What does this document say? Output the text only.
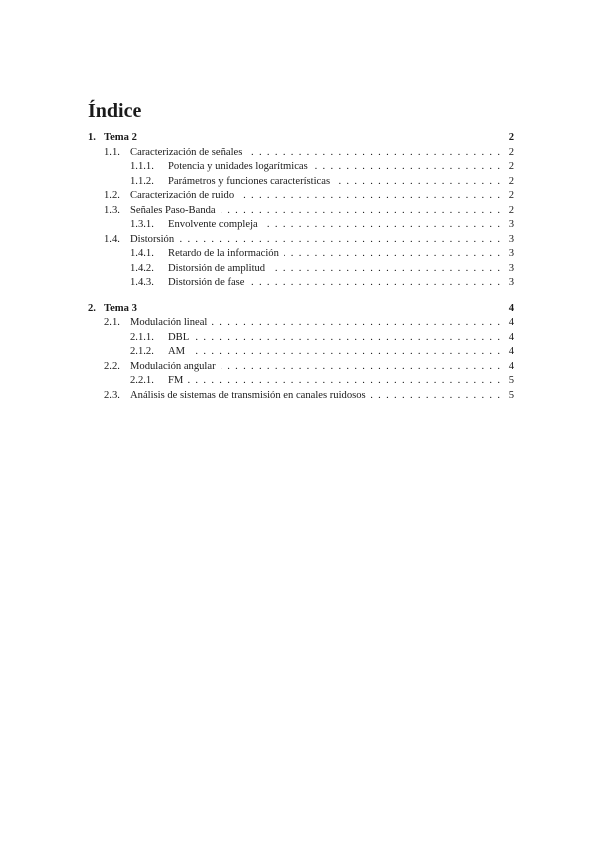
Índice
1. Tema 2	2
1.1. .  . Caracterización de señales	2
1.1.1. .  . Potencia y unidades logarítmicas	2
1.1.2. .  . Parámetros y funciones características	2
1.2. .  . Caracterización de ruido	2
1.3. .  . Señales Paso-Banda	2
1.3.1. .  . Envolvente compleja	3
1.4. .  . Distorsión	3
1.4.1. .  . Retardo de la información	3
1.4.2. .  . Distorsión de amplitud	3
1.4.3. .  . Distorsión de fase	3
2. Tema 3	4
2.1. .  . Modulación lineal	4
2.1.1. .  . DBL	4
2.1.2. .  . AM	4
2.2. .  . Modulación angular	4
2.2.1. .  . FM	5
2.3. .  . Análisis de sistemas de transmisión en canales ruidosos	5
